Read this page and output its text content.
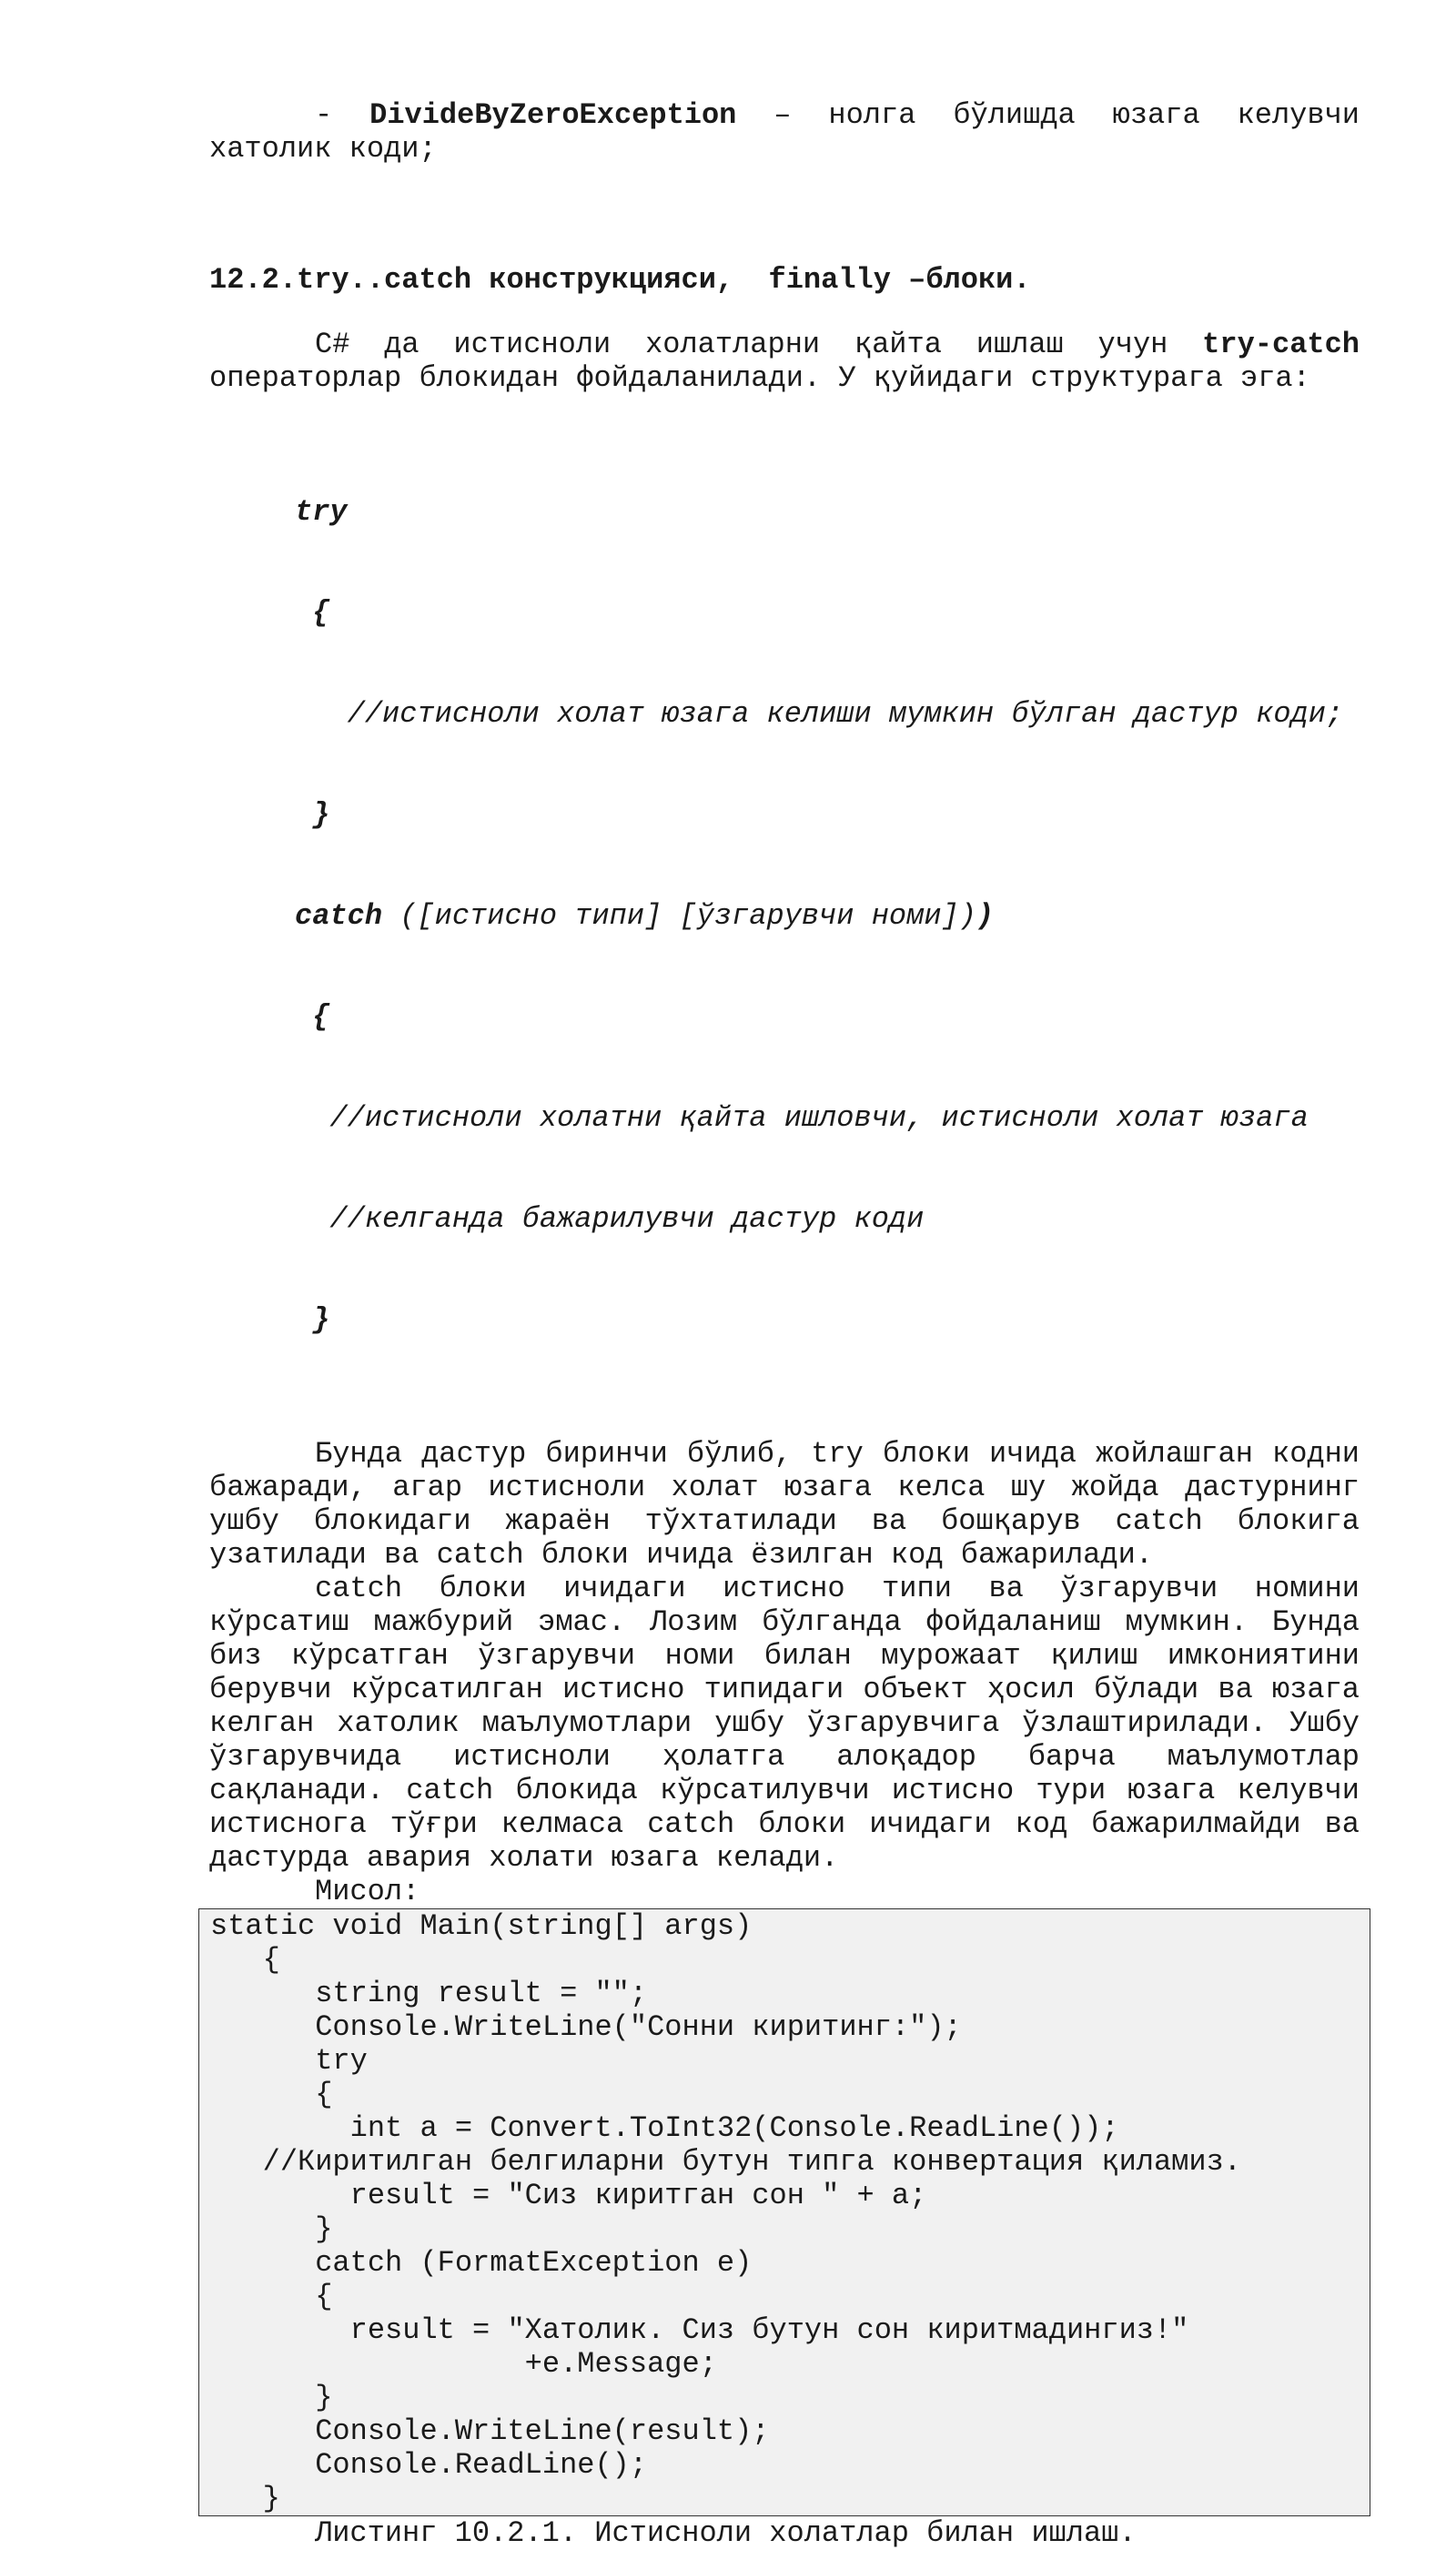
- DivideByZeroException – нолга бўлишда юзага келувчи
хатолик коди;
12.2.try..catch конструкцияси,  finally –блоки.

C# да истисноли холатларни қайта ишлаш учун try-catch операторлар блокидан фойдаланилади. У қуйидаги структурага эга:

try

{

//истисноли холат юзага келиши мумкин бўлган дастур коди;

}

catch ([истисно типи] [ўзгарувчи номи]))

{

//истисноли холатни қайта ишловчи, истисноли холат юзага

//келганда бажарилувчи дастур коди

}

Бунда дастур биринчи бўлиб, try блоки ичида жойлашган кодни бажаради, агар истисноли холат юзага келса шу жойда дастурнинг ушбу блокидаги жараён тўхтатилади ва бошқарув catch блокига узатилади ва catch блоки ичида ёзилган код бажарилади.

catch блоки ичидаги истисно типи ва ўзгарувчи номини кўрсатиш мажбурий эмас. Лозим бўлганда фойдаланиш мумкин. Бунда биз кўрсатган ўзгарувчи номи билан мурожаат қилиш имкониятини берувчи кўрсатилган истисно типидаги объект ҳосил бўлади ва юзага келган хатолик маълумотлари ушбу ўзгарувчига ўзлаштирилади. Ушбу ўзгарувчида истисноли ҳолатга алоқадор барча маълумотлар сақланади. catch блокида кўрсатилувчи истисно тури юзага келувчи истиснога тўғри келмаса catch блоки ичидаги код бажарилмайди ва дастурда авария холати юзага келади.

Мисол:

static void Main(string[] args)
{
string result = "";
Console.WriteLine("Сонни киритинг:");
try
{
int a = Convert.ToInt32(Console.ReadLine());
//Киритилган белгиларни бутун типга конвертация қиламиз.
result = "Сиз киритган сон " + a;
}
catch (FormatException e)
{
result = "Хатолик. Сиз бутун сон киритмадингиз!"
+e.Message;
}
Console.WriteLine(result);
Console.ReadLine();
}

Листинг 10.2.1. Истисноли холатлар билан ишлаш.
